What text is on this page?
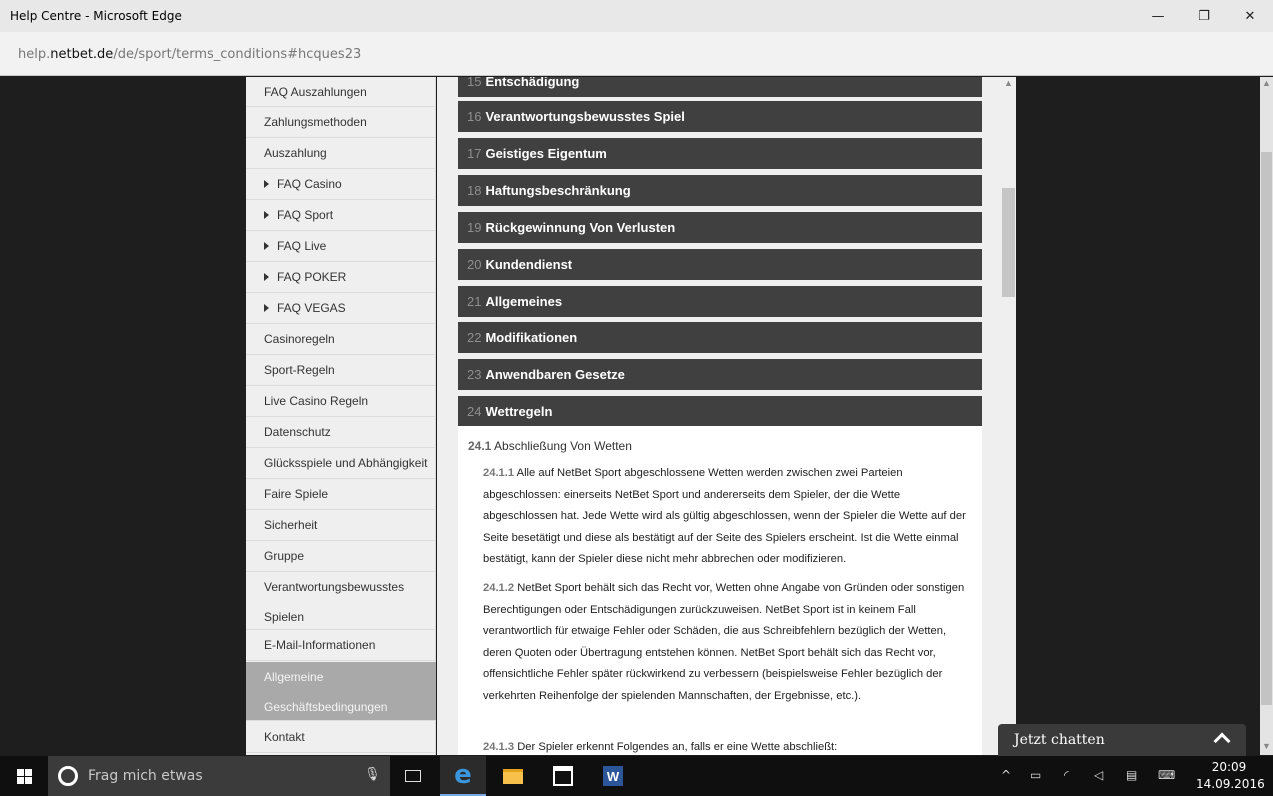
Help Centre - Microsoft Edge	—	❐	✕
help.netbet.de/de/sport/terms_conditions#hcques23
FAQ Auszahlungen
Zahlungsmethoden
Auszahlung
FAQ Casino
FAQ Sport
FAQ Live
FAQ POKER
FAQ VEGAS
Casinoregeln
Sport-Regeln
Live Casino Regeln
Datenschutz
Glücksspiele und Abhängigkeit
Faire Spiele
Sicherheit
Gruppe
Verantwortungsbewusstes
Spielen
E-Mail-Informationen
Allgemeine
Geschäftsbedingungen
Kontakt
15 Entschädigung
16 Verantwortungsbewusstes Spiel
17 Geistiges Eigentum
18 Haftungsbeschränkung
19 Rückgewinnung Von Verlusten
20 Kundendienst
21 Allgemeines
22 Modifikationen
23 Anwendbaren Gesetze
24 Wettregeln
24.1 Abschließung Von Wetten
24.1.1 Alle auf NetBet Sport abgeschlossene Wetten werden zwischen zwei Parteien abgeschlossen: einerseits NetBet Sport und andererseits dem Spieler, der die Wette abgeschlossen hat. Jede Wette wird als gültig abgeschlossen, wenn der Spieler die Wette auf der Seite besetätigt und diese als bestätigt auf der Seite des Spielers erscheint. Ist die Wette einmal bestätigt, kann der Spieler diese nicht mehr abbrechen oder modifizieren.
24.1.2 NetBet Sport behält sich das Recht vor, Wetten ohne Angabe von Gründen oder sonstigen Berechtigungen oder Entschädigungen zurückzuweisen. NetBet Sport ist in keinem Fall verantwortlich für etwaige Fehler oder Schäden, die aus Schreibfehlern bezüglich der Wetten, deren Quoten oder Übertragung entstehen können. NetBet Sport behält sich das Recht vor, offensichtliche Fehler später rückwirkend zu verbessern (beispielsweise Fehler bezüglich der verkehrten Reihenfolge der spielenden Mannschaften, der Ergebnisse, etc.).
24.1.3 Der Spieler erkennt Folgendes an, falls er eine Wette abschließt:
▲	▲
▼
Jetzt chatten
Frag mich etwas	🎙	e	W	^ ▭ ◜ ◁ ▤ ⌨
20:09
14.09.2016
